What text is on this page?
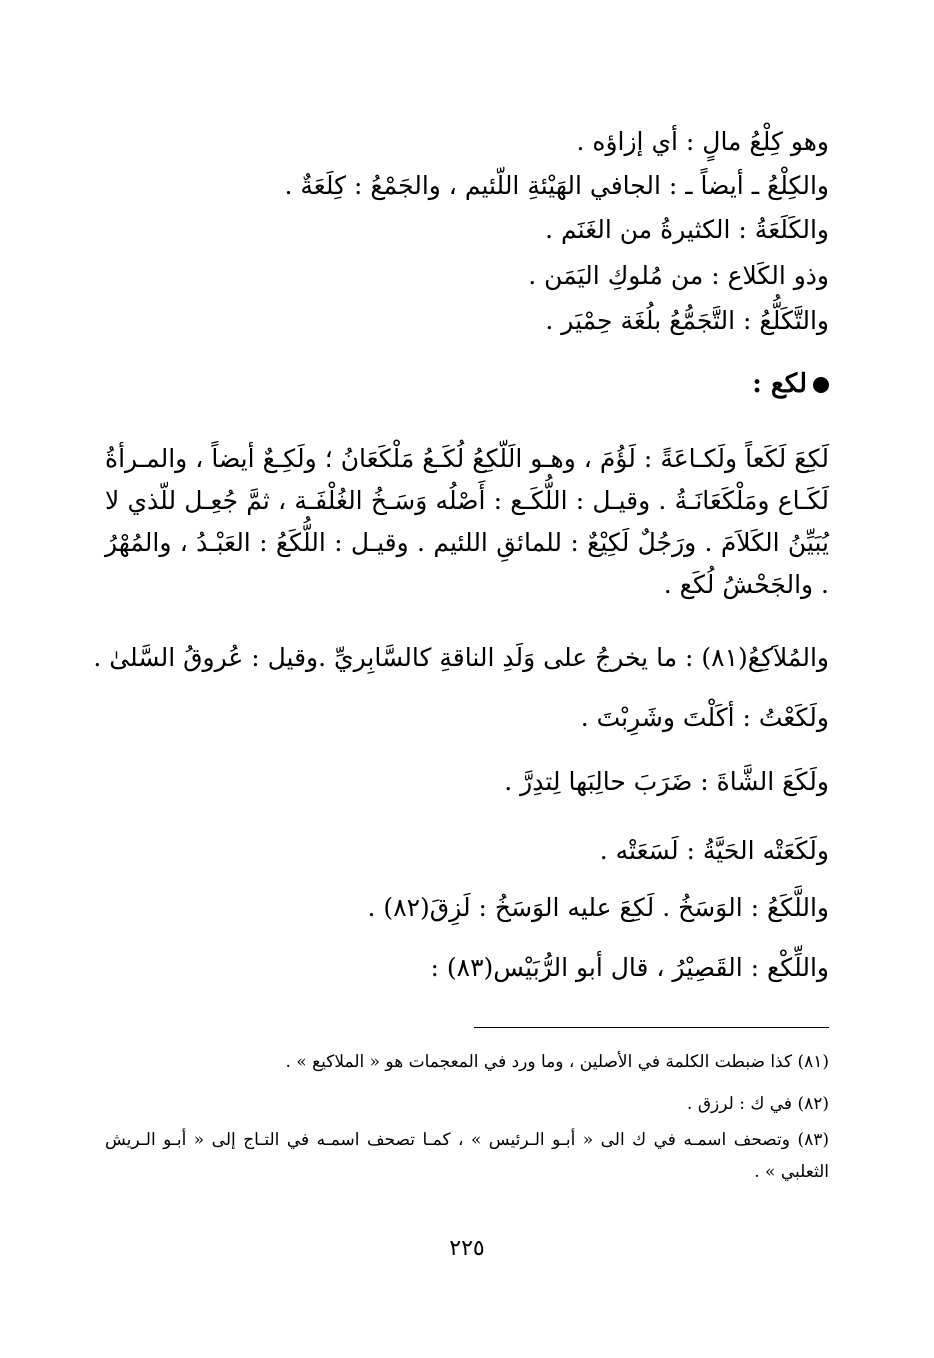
وهو كِلْعُ مالٍ : أي إزاؤه .
والكِلْعُ ـ أيضاً ـ : الجافي الهَيْئةِ اللّئيم ، والجَمْعُ : كِلَعَةٌ .
والكَلَعَةُ : الكثيرةُ من الغَنَم .
وذو الكَلاع : من مُلوكِ اليَمَن .
والتَّكَلُّعُ : التَّجَمُّعُ بلُغَة حِمْيَر .
لكع :

لَكِعَ لَكَعاً ولَكـاعَةً : لَؤُمَ ، وهـو الَلّكِعُ لُكَـعُ مَلْكَعَانُ ؛ ولَكِـعٌ أيضاً ، والمـرأةُ لَكَـاع ومَلْكَعَانَـةُ . وقيـل : اللُّكَـع : أَصْلُه وَسَـخُ الغُلْفَـة ، ثمَّ جُعِـل للّذي لا يُبَيِّنُ الكَلاَمَ . ورَجُلٌ لَكِيْعٌ : للمائقِ اللئيم . وقيـل : اللُّكَعُ : العَبْـدُ ، والمُهْرُ . والجَحْشُ لُكَع .

والمُلاَكِعُ(٨١) : ما يخرجُ على وَلَدِ الناقةِ كالسَّابِريِّ .وقيل : عُروقُ السَّلىٰ .
ولَكَعْتُ : أكَلْتَ وشَرِبْتَ .
ولَكَعَ الشَّاةَ : ضَرَبَ حالِبَها لِتدِرَّ .
ولَكَعَتْه الحَيَّةُ : لَسَعَتْه .
واللَّكَعُ : الوَسَخُ . لَكِعَ عليه الوَسَخُ : لَزِقَ(٨٢) .
واللِّكْع : القَصِيْرُ ، قال أبو الرُّبَيْس(٨٣) :
(٨١) كذا ضبطت الكلمة في الأصلين ، وما ورد في المعجمات هو « الملاكيع » .
(٨٢) في ك : لرزق .
(٨٣) وتصحف اسمـه في ك الى « أبـو الـرئيس » ، كمـا تصحف اسمـه في التـاج إلى « أبـو الـريش الثعلبي » .
٢٢٥
